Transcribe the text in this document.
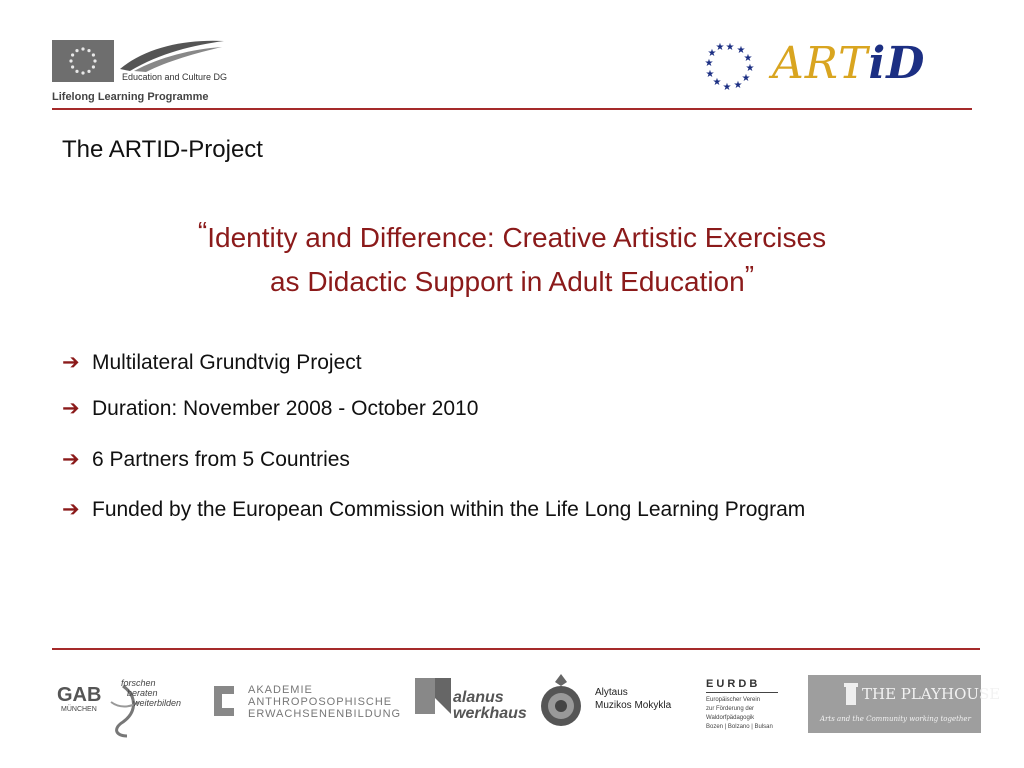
Education and Culture DG
Lifelong Learning Programme
★ ★
★
★
★
★
★
★
★
★
★
★ ARTiD
The ARTID-Project
“Identity and Difference: Creative Artistic Exercises
as Didactic Support in Adult Education”
➔ Multilateral Grundtvig Project
➔ Duration: November 2008 - October 2010
➔ 6 Partners from 5 Countries
➔ Funded by the European Commission within the Life Long Learning Program
GAB
MÜNCHEN
forschen
beraten
weiterbilden
AKADEMIE
ANTHROPOSOPHISCHE
ERWACHSENENBILDUNG
alanus
werkhaus
Alytaus
Muzikos Mokykla
E U R D B
Europäischer Verein
zur Förderung der
Waldorfpädagogik
Bozen | Bolzano | Bulsan
THE PLAYHOUSE
Arts and the Community working together
